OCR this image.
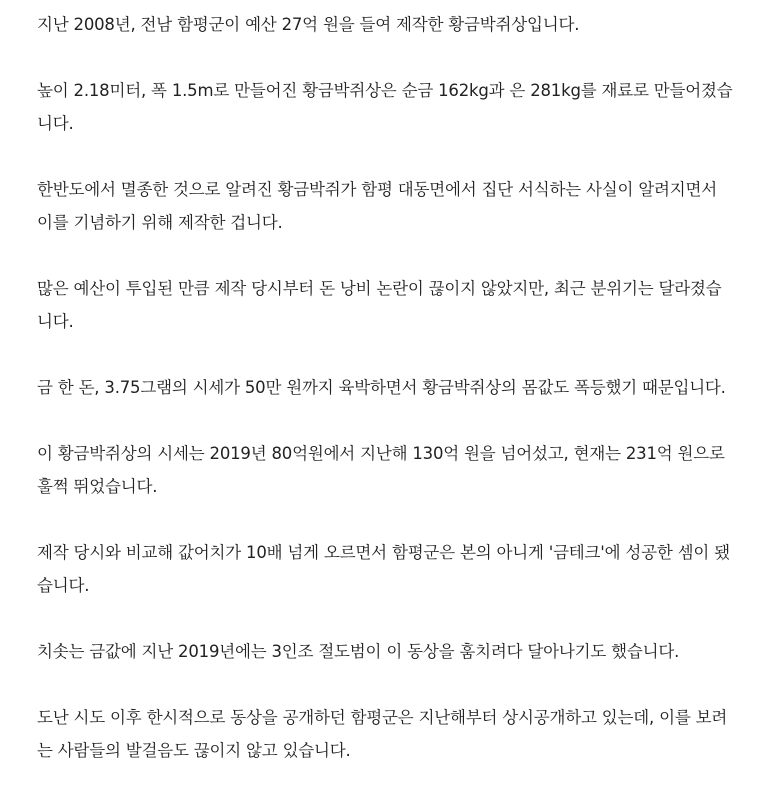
지난 2008년, 전남 함평군이 예산 27억 원을 들여 제작한 황금박쥐상입니다.

높이 2.18미터, 폭 1.5m로 만들어진 황금박쥐상은 순금 162kg과 은 281kg를 재료로 만들어졌습니다.

한반도에서 멸종한 것으로 알려진 황금박쥐가 함평 대동면에서 집단 서식하는 사실이 알려지면서 이를 기념하기 위해 제작한 겁니다.

많은 예산이 투입된 만큼 제작 당시부터 돈 낭비 논란이 끊이지 않았지만, 최근 분위기는 달라졌습니다.

금 한 돈, 3.75그램의 시세가 50만 원까지 육박하면서 황금박쥐상의 몸값도 폭등했기 때문입니다.

이 황금박쥐상의 시세는 2019년 80억원에서 지난해 130억 원을 넘어섰고, 현재는 231억 원으로 훌쩍 뛰었습니다.

제작 당시와 비교해 값어치가 10배 넘게 오르면서 함평군은 본의 아니게 '금테크'에 성공한 셈이 됐습니다.

치솟는 금값에 지난 2019년에는 3인조 절도범이 이 동상을 훔치려다 달아나기도 했습니다.

도난 시도 이후 한시적으로 동상을 공개하던 함평군은 지난해부터 상시공개하고 있는데, 이를 보려는 사람들의 발걸음도 끊이지 않고 있습니다.
